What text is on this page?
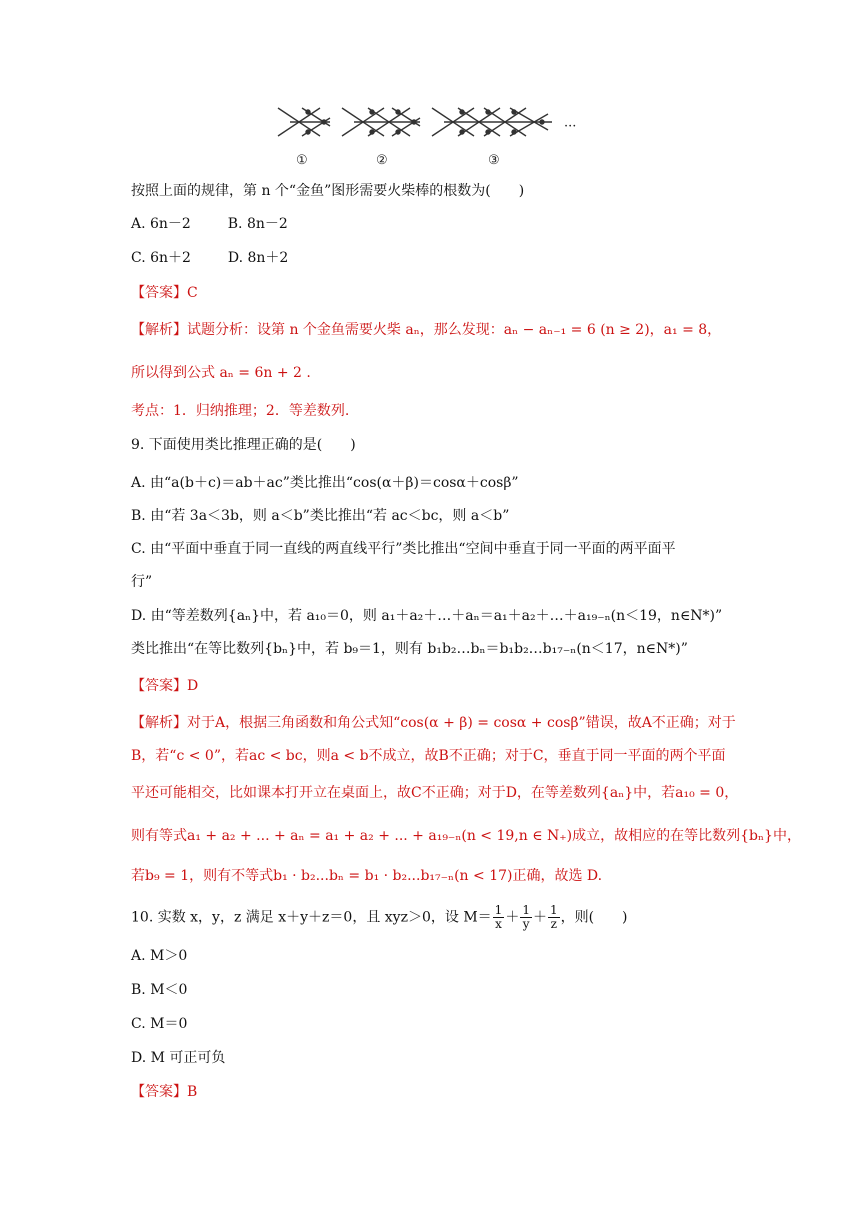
①	②	③
···
按照上面的规律，第 n 个“金鱼”图形需要火柴棒的根数为(　　)
A. 6n－2	B. 8n－2
C. 6n＋2	D. 8n＋2
【答案】C
【解析】试题分析：设第 n 个金鱼需要火柴 aₙ，那么发现：aₙ − aₙ₋₁ = 6 (n ≥ 2)，a₁ = 8，
所以得到公式 aₙ = 6n + 2 .
考点：1．归纳推理；2．等差数列.
9. 下面使用类比推理正确的是(　　)
A. 由“a(b＋c)＝ab＋ac”类比推出“cos(α＋β)＝cosα＋cosβ”
B. 由“若 3a＜3b，则 a＜b”类比推出“若 ac＜bc，则 a＜b”
C. 由“平面中垂直于同一直线的两直线平行”类比推出“空间中垂直于同一平面的两平面平
行”
D. 由“等差数列{aₙ}中，若 a₁₀＝0，则 a₁＋a₂＋…＋aₙ＝a₁＋a₂＋…＋a₁₉₋ₙ(n＜19，n∈N*)”
类比推出“在等比数列{bₙ}中，若 b₉＝1，则有 b₁b₂…bₙ＝b₁b₂…b₁₇₋ₙ(n＜17，n∈N*)”
【答案】D
【解析】对于A，根据三角函数和角公式知“cos(α + β) = cosα + cosβ”错误，故A不正确；对于
B，若“c < 0”，若ac < bc，则a < b不成立，故B不正确；对于C，垂直于同一平面的两个平面
平还可能相交，比如课本打开立在桌面上，故C不正确；对于D，在等差数列{aₙ}中，若a₁₀ = 0，
则有等式a₁ + a₂ + ... + aₙ = a₁ + a₂ + ... + a₁₉₋ₙ(n < 19,n ∈ N₊)成立，故相应的在等比数列{bₙ}中，
若b₉ = 1，则有不等式b₁ · b₂...bₙ = b₁ · b₂...b₁₇₋ₙ(n < 17)正确，故选 D.
10. 实数 x，y，z 满足 x＋y＋z＝0，且 xyz＞0，设 $M= \frac{1}{x} + \frac{1}{y} + \frac{1}{z}$ ，则(　　)
A. M＞0
B. M＜0
C. M＝0
D. M 可正可负
【答案】B
